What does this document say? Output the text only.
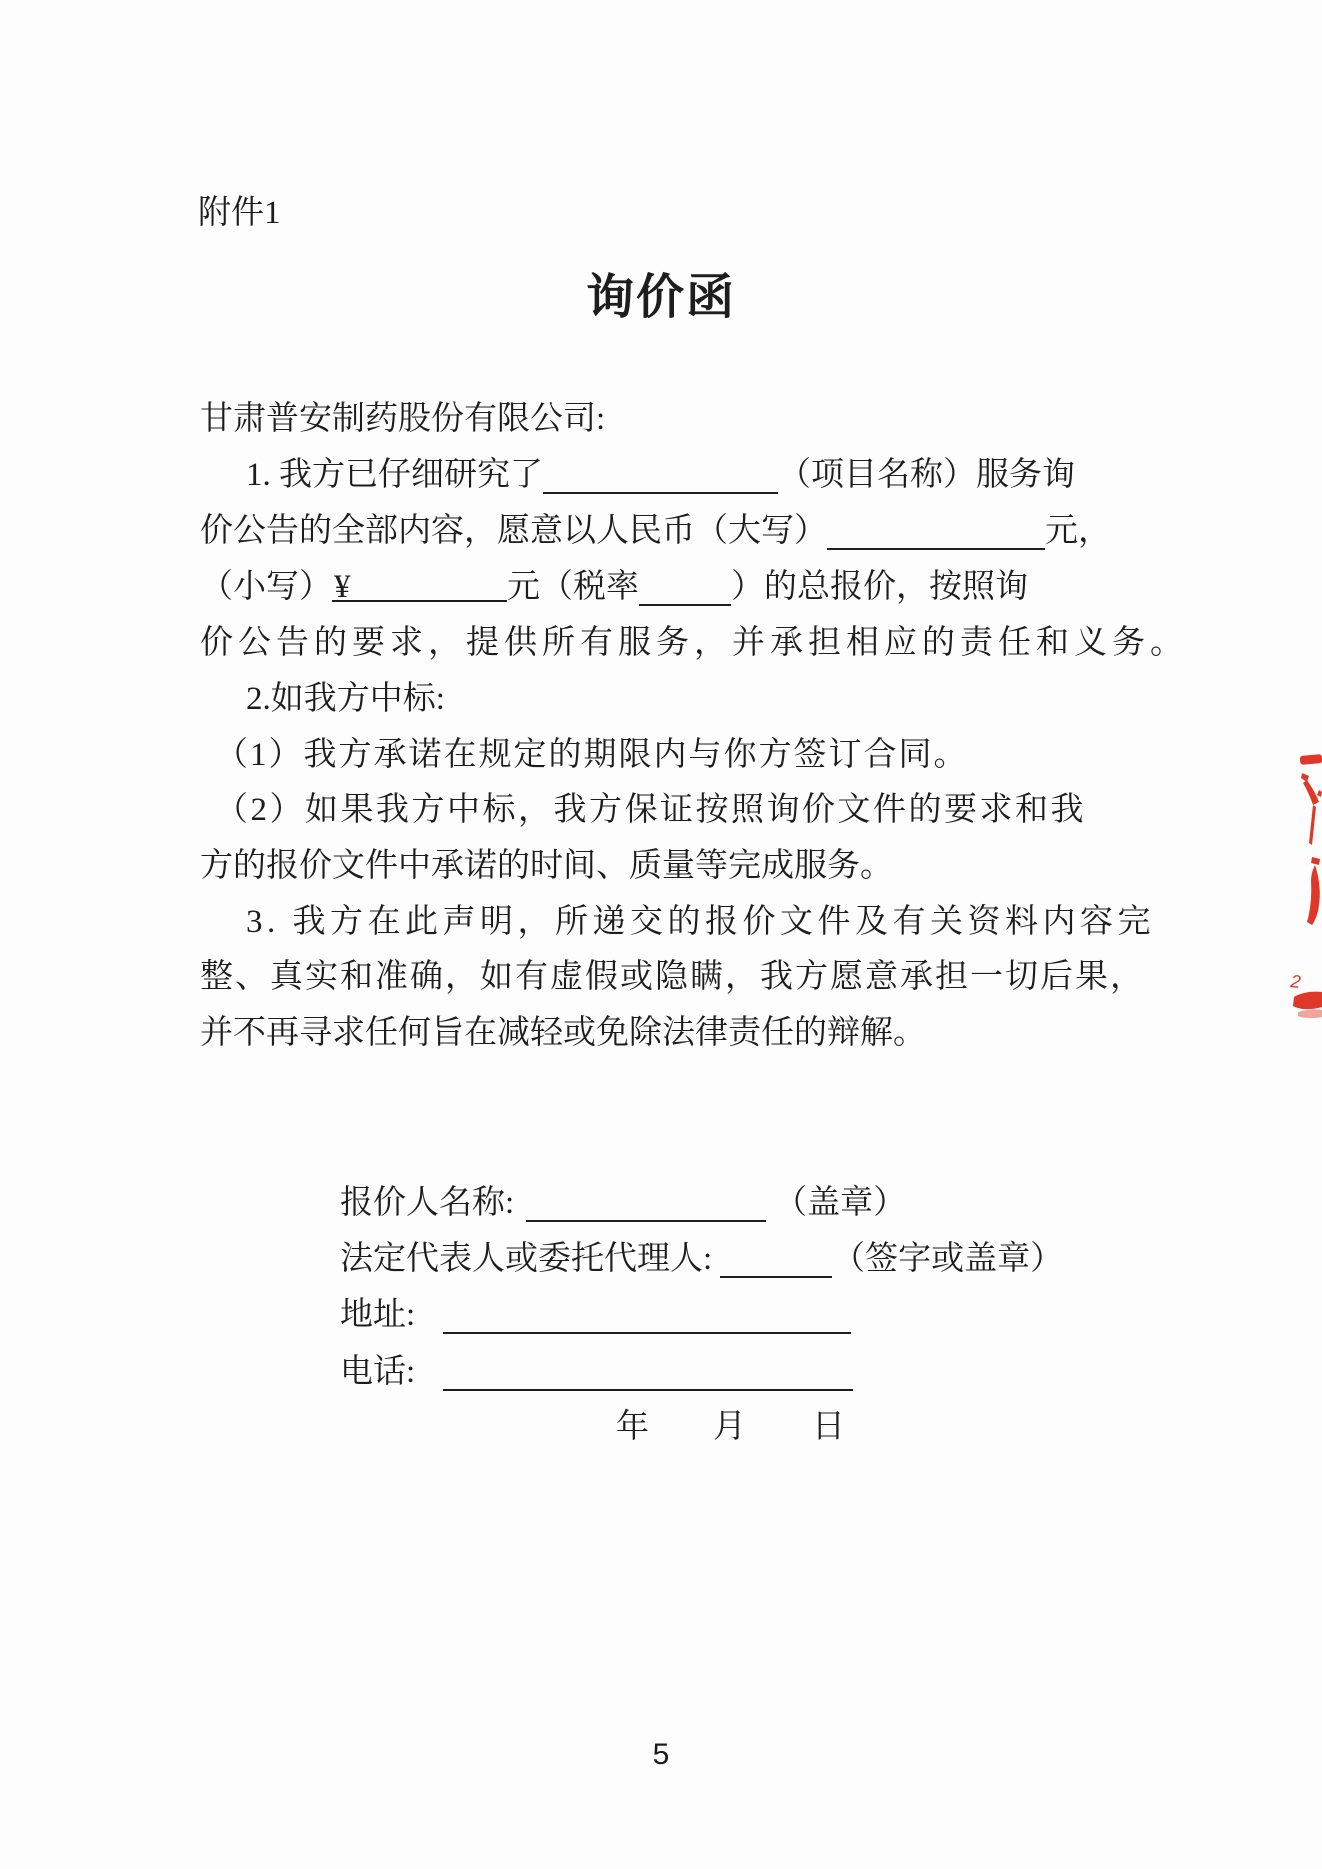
附件1
询价函
甘肃普安制药股份有限公司:
1. 我方已仔细研究了	（项目名称）服务询
价公告的全部内容，愿意以人民币（大写）	元，
（小写）¥	元（税率	）的总报价，按照询
价公告的要求，提供所有服务，并承担相应的责任和义务。
2.如我方中标:
（1）我方承诺在规定的期限内与你方签订合同。
（2）如果我方中标，我方保证按照询价文件的要求和我
方的报价文件中承诺的时间、质量等完成服务。
3. 我方在此声明，所递交的报价文件及有关资料内容完
整、真实和准确，如有虚假或隐瞒，我方愿意承担一切后果，
并不再寻求任何旨在减轻或免除法律责任的辩解。
报价人名称:	（盖章）
法定代表人或委托代理人:	（签字或盖章）
地址:
电话:
年 月 日
5
2
